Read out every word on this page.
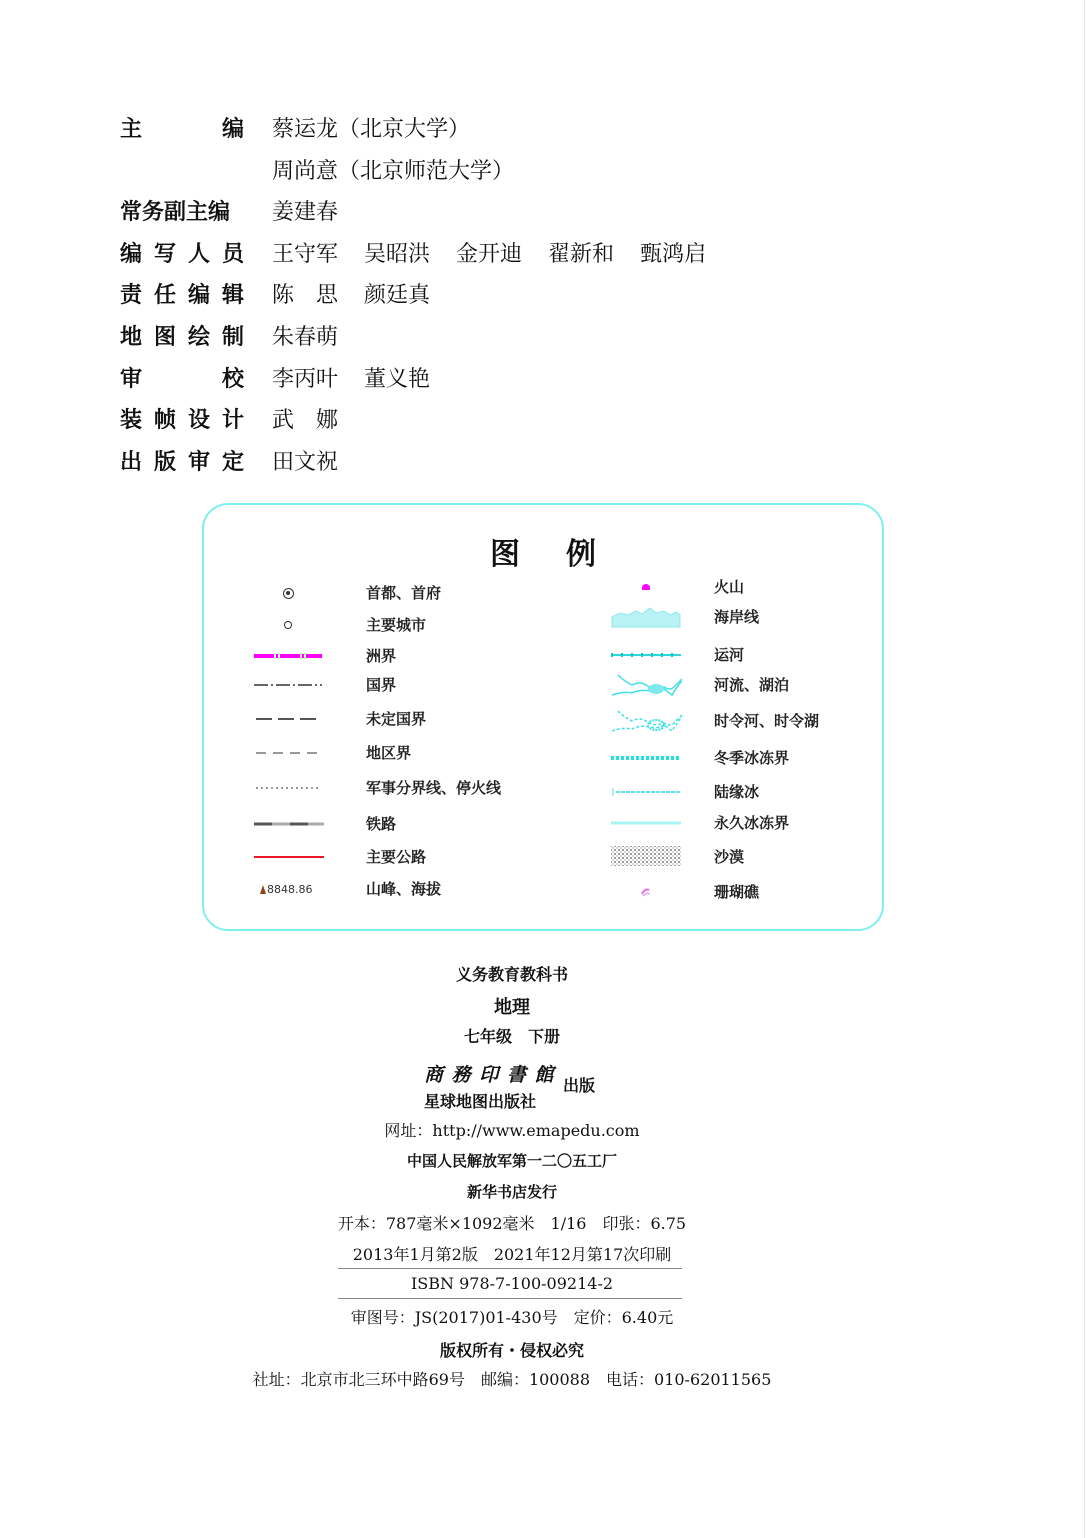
主	编 蔡运龙（北京大学）
周尚意（北京师范大学）
常务副主编 姜建春
编 写 人 员 王守军 吴昭洪 金开迪 翟新和 甄鸿启
责 任 编 辑 陈　思 颜廷真
地 图 绘 制 朱春萌
审	校 李丙叶 董义艳
装 帧 设 计 武　娜
出 版 审 定 田文祝
图例
首都、首府
主要城市
洲界
国界
未定国界
地区界
军事分界线、停火线
铁路
主要公路
8848.86	山峰、海拔
火山
海岸线
运河
河流、湖泊
时令河、时令湖
冬季冰冻界
陆缘冰
永久冰冻界
沙漠
珊瑚礁
义务教育教科书
地理
七年级　下册
商 務 印 書 館
星球地图出版社
出版
网址：http://www.emapedu.com
中国人民解放军第一二〇五工厂
新华书店发行
开本：787毫米×1092毫米　1/16　印张：6.75
2013年1月第2版　2021年12月第17次印刷
ISBN 978-7-100-09214-2
审图号：JS(2017)01-430号　定价：6.40元
版权所有・侵权必究
社址：北京市北三环中路69号　邮编：100088　电话：010-62011565
